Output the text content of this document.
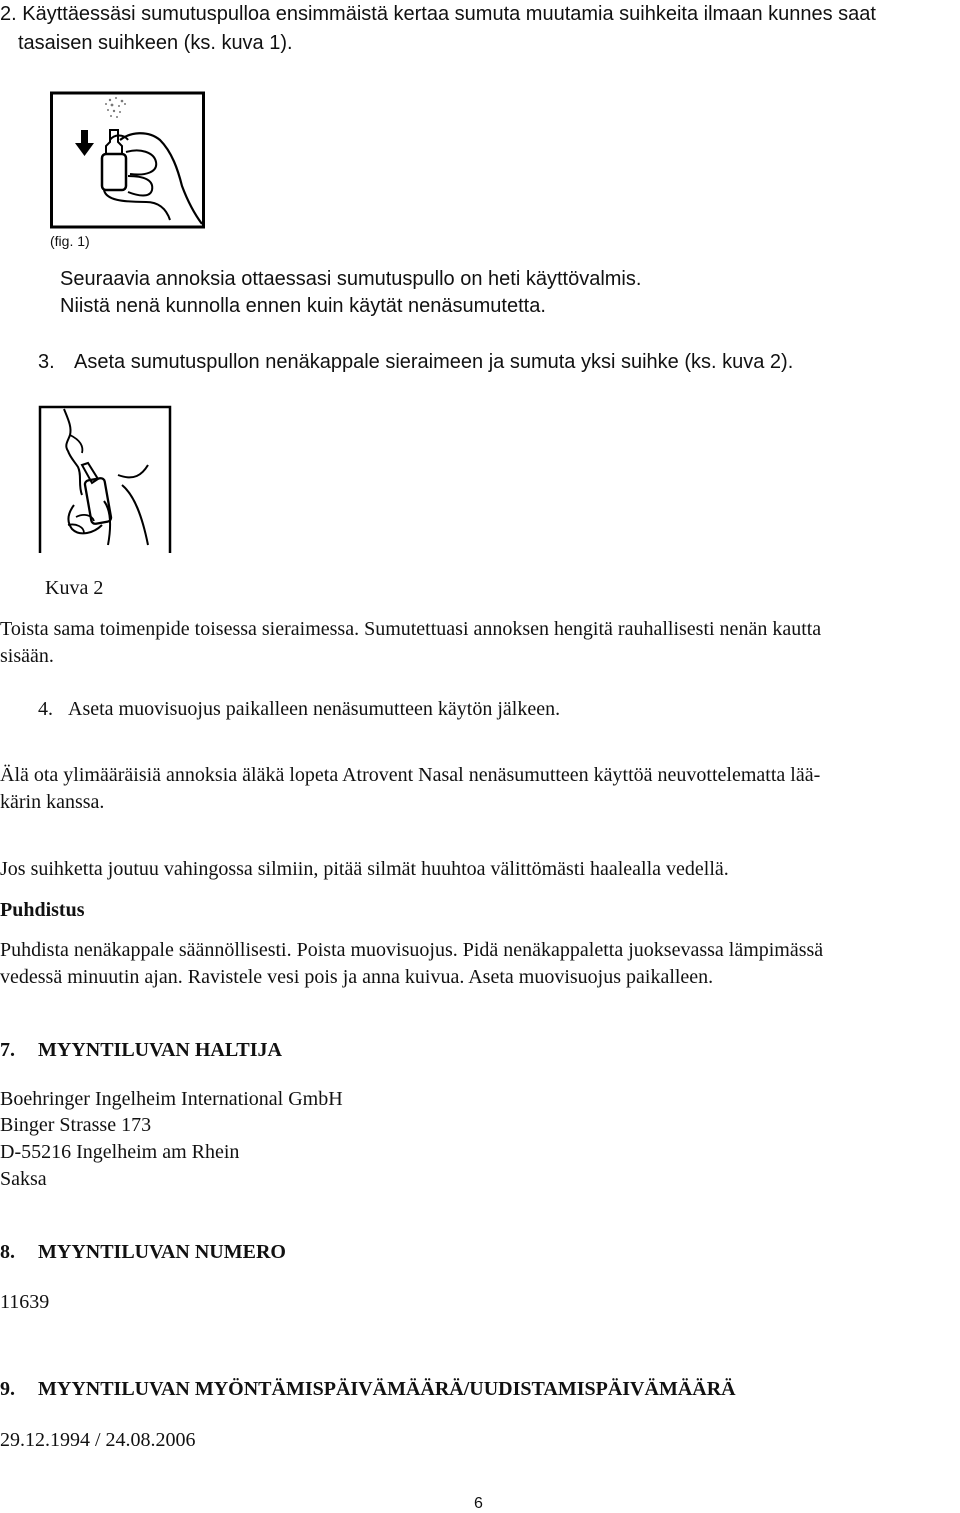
2. Käyttäessäsi sumutuspulloa ensimmäistä kertaa sumuta muutamia suihkeita ilmaan kunnes saat
tasaisen suihkeen (ks. kuva 1).
(fig. 1)
Seuraavia annoksia ottaessasi sumutuspullo on heti käyttövalmis.
Niistä nenä kunnolla ennen kuin käytät nenäsumutetta.
3. Aseta sumutuspullon nenäkappale sieraimeen ja sumuta yksi suihke (ks. kuva 2).
Kuva 2
Toista sama toimenpide toisessa sieraimessa. Sumutettuasi annoksen hengitä rauhallisesti nenän kautta
sisään.
4. Aseta muovisuojus paikalleen nenäsumutteen käytön jälkeen.
Älä ota ylimääräisiä annoksia äläkä lopeta Atrovent Nasal nenäsumutteen käyttöä neuvottelematta lää-
kärin kanssa.
Jos suihketta joutuu vahingossa silmiin, pitää silmät huuhtoa välittömästi haalealla vedellä.
Puhdistus
Puhdista nenäkappale säännöllisesti. Poista muovisuojus. Pidä nenäkappaletta juoksevassa lämpimässä
vedessä minuutin ajan. Ravistele vesi pois ja anna kuivua. Aseta muovisuojus paikalleen.
7. MYYNTILUVAN HALTIJA
Boehringer Ingelheim International GmbH
Binger Strasse 173
D-55216 Ingelheim am Rhein
Saksa
8. MYYNTILUVAN NUMERO
11639
9. MYYNTILUVAN MYÖNTÄMISPÄIVÄMÄÄRÄ/UUDISTAMISPÄIVÄMÄÄRÄ
29.12.1994 / 24.08.2006
6
